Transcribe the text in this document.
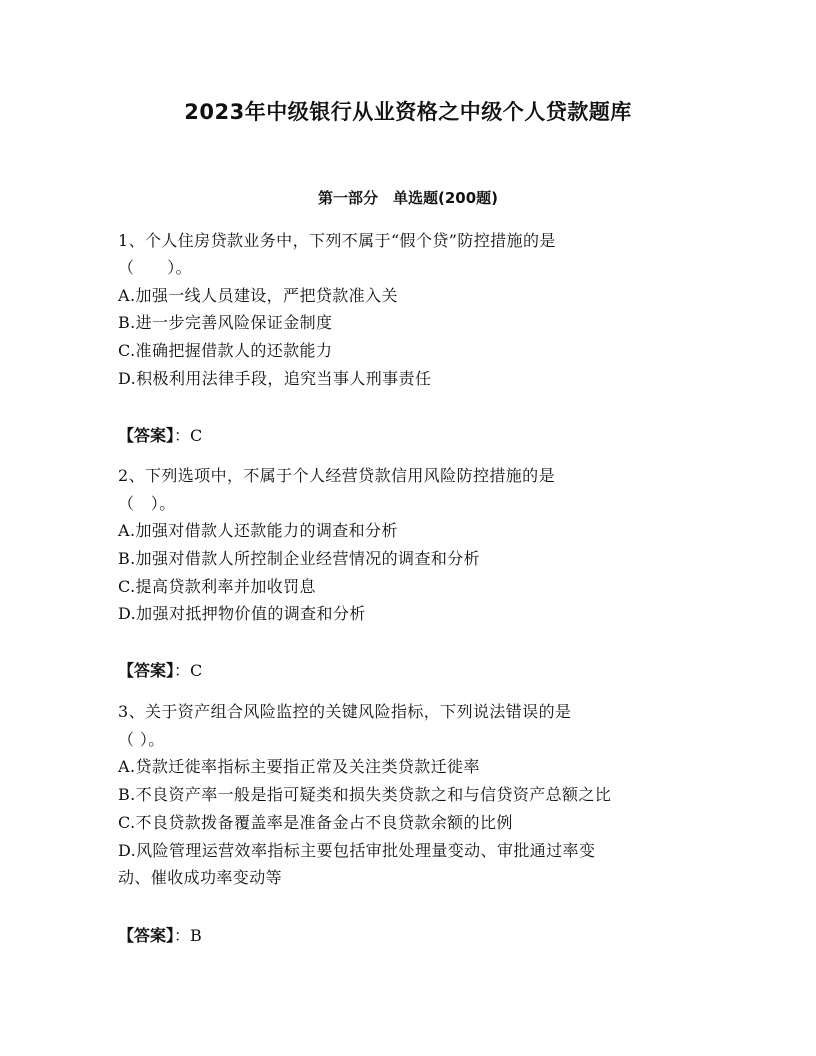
2023年中级银行从业资格之中级个人贷款题库
第一部分　单选题(200题)
1、个人住房贷款业务中，下列不属于“假个贷”防控措施的是
（　　）。
A.加强一线人员建设，严把贷款准入关
B.进一步完善风险保证金制度
C.准确把握借款人的还款能力
D.积极利用法律手段，追究当事人刑事责任
【答案】：C
2、下列选项中，不属于个人经营贷款信用风险防控措施的是
（　）。
A.加强对借款人还款能力的调查和分析
B.加强对借款人所控制企业经营情况的调查和分析
C.提高贷款利率并加收罚息
D.加强对抵押物价值的调查和分析
【答案】：C
3、关于资产组合风险监控的关键风险指标，下列说法错误的是
（ ）。
A.贷款迁徙率指标主要指正常及关注类贷款迁徙率
B.不良资产率一般是指可疑类和损失类贷款之和与信贷资产总额之比
C.不良贷款拨备覆盖率是准备金占不良贷款余额的比例
D.风险管理运营效率指标主要包括审批处理量变动、审批通过率变
动、催收成功率变动等
【答案】：B
